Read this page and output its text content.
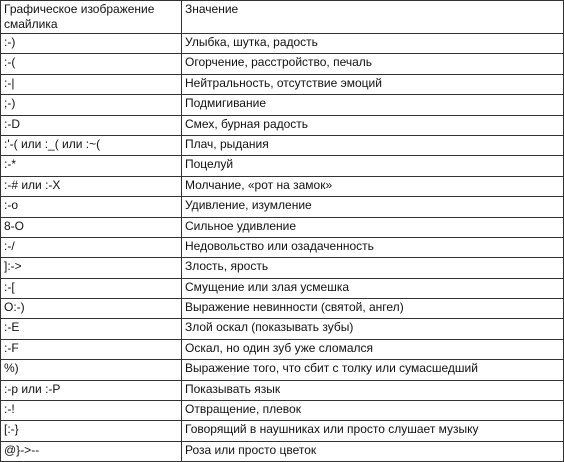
Графическое изображение смайлика	Значение
:-)	Улыбка, шутка, радость
:-(	Огорчение, расстройство, печаль
:-|	Нейтральность, отсутствие эмоций
;-)	Подмигивание
:-D	Смех, бурная радость
:'-( или :_( или :~(	Плач, рыдания
:-*	Поцелуй
:-# или :-X	Молчание, «рот на замок»
:-o	Удивление, изумление
8-O	Сильное удивление
:-/	Недовольство или озадаченность
]:->	Злость, ярость
:-[	Смущение или злая усмешка
O:-)	Выражение невинности (святой, ангел)
:-E	Злой оскал (показывать зубы)
:-F	Оскал, но один зуб уже сломался
%)	Выражение того, что сбит с толку или сумасшедший
:-p или :-P	Показывать язык
:-!	Отвращение, плевок
[:-}	Говорящий в наушниках или просто слушает музыку
@}->--	Роза или просто цветок
